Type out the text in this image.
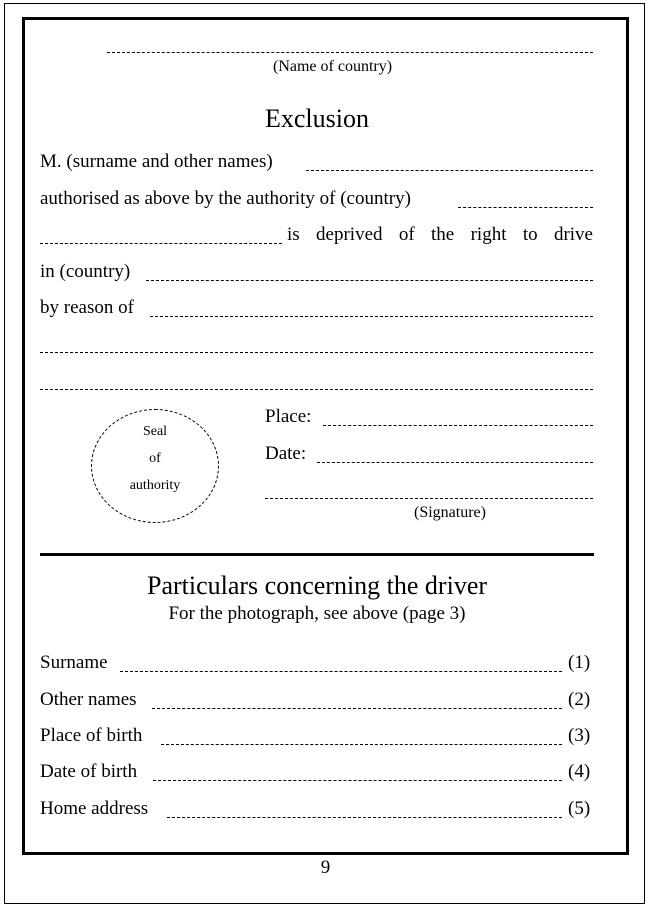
(Name of country)
Exclusion
M. (surname and other names)
authorised as above by the authority of (country)
is deprived of the right to drive
in (country)
by reason of
Seal
of
authority
Place:
Date:
(Signature)
Particulars concerning the driver
For the photograph, see above (page 3)
Surname	(1)
Other names	(2)
Place of birth	(3)
Date of birth	(4)
Home address	(5)
9
